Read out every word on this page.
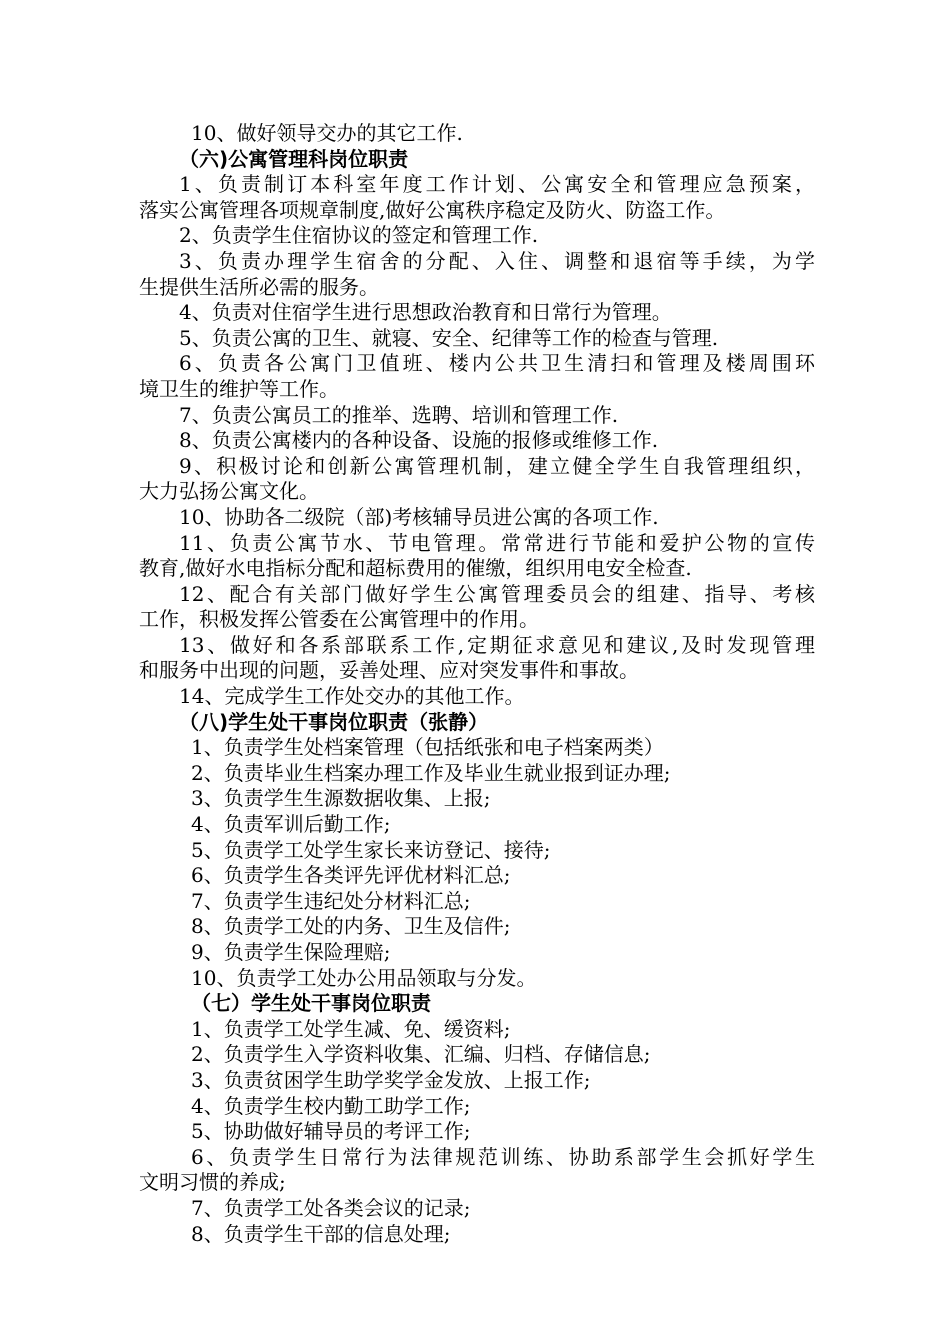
10、做好领导交办的其它工作.
（六)公寓管理科岗位职责
1、负责制订本科室年度工作计划、公寓安全和管理应急预案，
落实公寓管理各项规章制度,做好公寓秩序稳定及防火、防盗工作。
2、负责学生住宿协议的签定和管理工作.
3、负责办理学生宿舍的分配、入住、调整和退宿等手续，为学
生提供生活所必需的服务。
4、负责对住宿学生进行思想政治教育和日常行为管理。
5、负责公寓的卫生、就寝、安全、纪律等工作的检查与管理.
6、负责各公寓门卫值班、楼内公共卫生清扫和管理及楼周围环
境卫生的维护等工作。
7、负责公寓员工的推举、选聘、培训和管理工作.
8、负责公寓楼内的各种设备、设施的报修或维修工作.
9、积极讨论和创新公寓管理机制，建立健全学生自我管理组织，
大力弘扬公寓文化。
10、协助各二级院（部)考核辅导员进公寓的各项工作.
11、负责公寓节水、节电管理。常常进行节能和爱护公物的宣传
教育,做好水电指标分配和超标费用的催缴，组织用电安全检查.
12、配合有关部门做好学生公寓管理委员会的组建、指导、考核
工作，积极发挥公管委在公寓管理中的作用。
13、做好和各系部联系工作,定期征求意见和建议,及时发现管理
和服务中出现的问题，妥善处理、应对突发事件和事故。
14、完成学生工作处交办的其他工作。
（八)学生处干事岗位职责（张静）
1、负责学生处档案管理（包括纸张和电子档案两类）
2、负责毕业生档案办理工作及毕业生就业报到证办理;
3、负责学生生源数据收集、上报;
4、负责军训后勤工作;
5、负责学工处学生家长来访登记、接待;
6、负责学生各类评先评优材料汇总;
7、负责学生违纪处分材料汇总;
8、负责学工处的内务、卫生及信件;
9、负责学生保险理赔;
10、负责学工处办公用品领取与分发。
（七）学生处干事岗位职责
1、负责学工处学生减、免、缓资料;
2、负责学生入学资料收集、汇编、归档、存储信息;
3、负责贫困学生助学奖学金发放、上报工作;
4、负责学生校内勤工助学工作;
5、协助做好辅导员的考评工作;
6、负责学生日常行为法律规范训练、协助系部学生会抓好学生
文明习惯的养成;
7、负责学工处各类会议的记录;
8、负责学生干部的信息处理;
